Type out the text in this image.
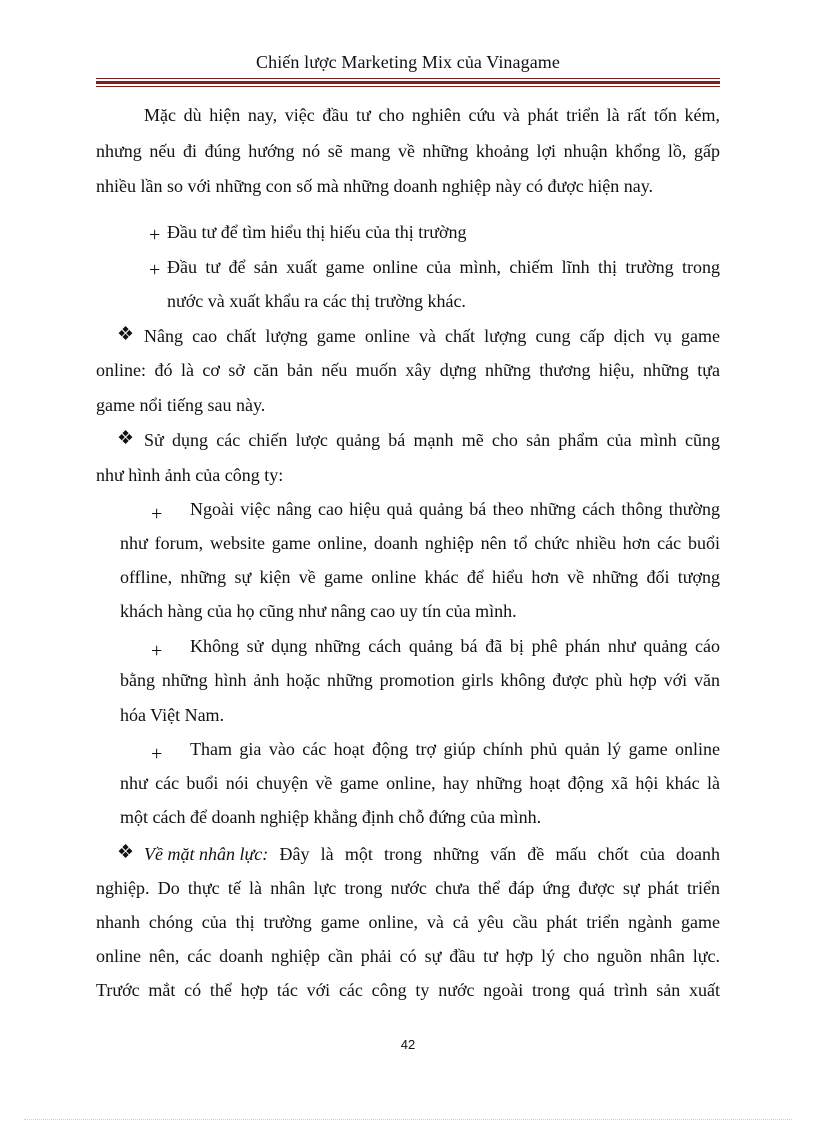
Chiến lược Marketing Mix của Vinagame
Mặc dù hiện nay, việc đầu tư cho nghiên cứu và phát triển là rất tốn kém,
nhưng nếu đi đúng hướng nó sẽ mang về những khoảng lợi nhuận khổng lồ, gấp
nhiều lần so với những con số mà những doanh nghiệp này có được hiện nay.
+ Đầu tư để tìm hiểu thị hiếu của thị trường
+ Đầu tư để sản xuất game online của mình, chiếm lĩnh thị trường trong
nước và xuất khẩu ra các thị trường khác.
❖ Nâng cao chất lượng game online và chất lượng cung cấp dịch vụ game
online: đó là cơ sở căn bản nếu muốn xây dựng những thương hiệu, những tựa
game nổi tiếng sau này.
❖ Sử dụng các chiến lược quảng bá mạnh mẽ cho sản phẩm của mình cũng
như hình ảnh của công ty:
+ Ngoài việc nâng cao hiệu quả quảng bá theo những cách thông thường
như forum, website game online, doanh nghiệp nên tổ chức nhiều hơn các buổi
offline, những sự kiện về game online khác để hiểu hơn về những đối tượng
khách hàng của họ cũng như nâng cao uy tín của mình.
+ Không sử dụng những cách quảng bá đã bị phê phán như quảng cáo
bằng những hình ảnh hoặc những promotion girls không được phù hợp với văn
hóa Việt Nam.
+ Tham gia vào các hoạt động trợ giúp chính phủ quản lý game online
như các buổi nói chuyện về game online, hay những hoạt động xã hội khác là
một cách để doanh nghiệp khẳng định chỗ đứng của mình.
❖ Về mặt nhân lực: Đây là một trong những vấn đề mấu chốt của doanh
nghiệp. Do thực tế là nhân lực trong nước chưa thể đáp ứng được sự phát triển
nhanh chóng của thị trường game online, và cả yêu cầu phát triển ngành game
online nên, các doanh nghiệp cần phải có sự đầu tư hợp lý cho nguồn nhân lực.
Trước mắt có thể hợp tác với các công ty nước ngoài trong quá trình sản xuất
42
